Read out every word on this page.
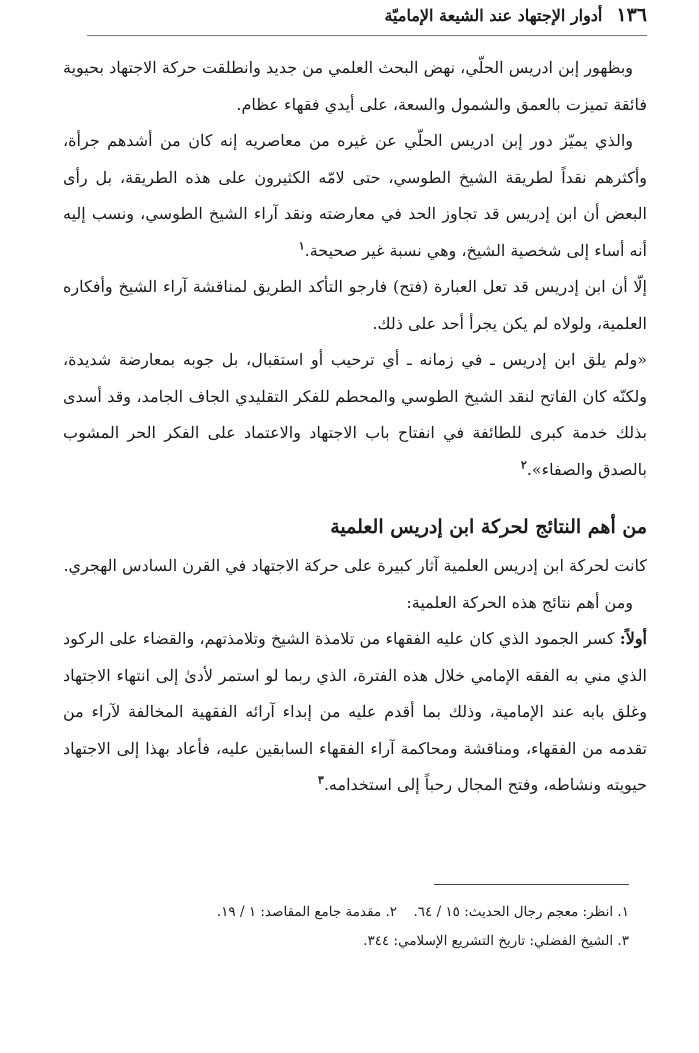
١٣٦
أدوار الإجتهاد عند الشيعة الإماميّة

وبظهور إبن ادريس الحلّي، نهض البحث العلمي من جديد وانطلقت حركة الاجتهاد بحيوية فائقة تميزت بالعمق والشمول والسعة، على أيدي فقهاء عظام.

والذي يميّز دور إبن ادريس الحلّي عن غيره من معاصريه إنه كان من أشدهم جرأة، وأكثرهم نقداً لطريقة الشيخ الطوسي، حتى لامّه الكثيرون على هذه الطريقة، بل رأى البعض أن ابن إدريس قد تجاوز الحد في معارضته ونقد آراء الشيخ الطوسي، ونسب إليه أنه أساء إلى شخصية الشيخ، وهي نسبة غير صحيحة.$^١$

إلّا أن ابن إدريس قد تعل العبارة (فتح) فارجو التأكد الطريق لمناقشة آراء الشيخ وأفكاره العلمية، ولولاه لم يكن يجرأ أحد على ذلك.

«ولم يلق ابن إدريس ـ في زمانه ـ أي ترحيب أو استقبال، بل جوبه بمعارضة شديدة، ولكنّه كان الفاتح لنقد الشيخ الطوسي والمحطم للفكر التقليدي الجاف الجامد، وقد أسدى بذلك خدمة كبرى للطائفة في انفتاح باب الاجتهاد والاعتماد على الفكر الحر المشوب بالصدق والصفاء».$^٢$

من أهم النتائج لحركة ابن إدريس العلمية

كانت لحركة ابن إدريس العلمية آثار كبيرة على حركة الاجتهاد في القرن السادس الهجري.

ومن أهم نتائج هذه الحركة العلمية:

أولاً: كسر الجمود الذي كان عليه الفقهاء من تلامذة الشيخ وتلامذتهم، والقضاء على الركود الذي مني به الفقه الإمامي خلال هذه الفترة، الذي ربما لو استمر لأدىٰ إلى انتهاء الاجتهاد وغلق بابه عند الإمامية، وذلك بما أقدم عليه من إبداء آرائه الفقهية المخالفة لآراء من تقدمه من الفقهاء، ومناقشة ومحاكمة آراء الفقهاء السابقين عليه، فأعاد بهذا إلى الاجتهاد حيويته ونشاطه، وفتح المجال رحباً إلى استخدامه.$^٣$

١. انظر: معجم رجال الحديث: ١٥ / ٦٤.
٢. مقدمة جامع المقاصد: ١ / ١٩.
٣. الشيخ الفضلي: تاريخ التشريع الإسلامي: ٣٤٤.
